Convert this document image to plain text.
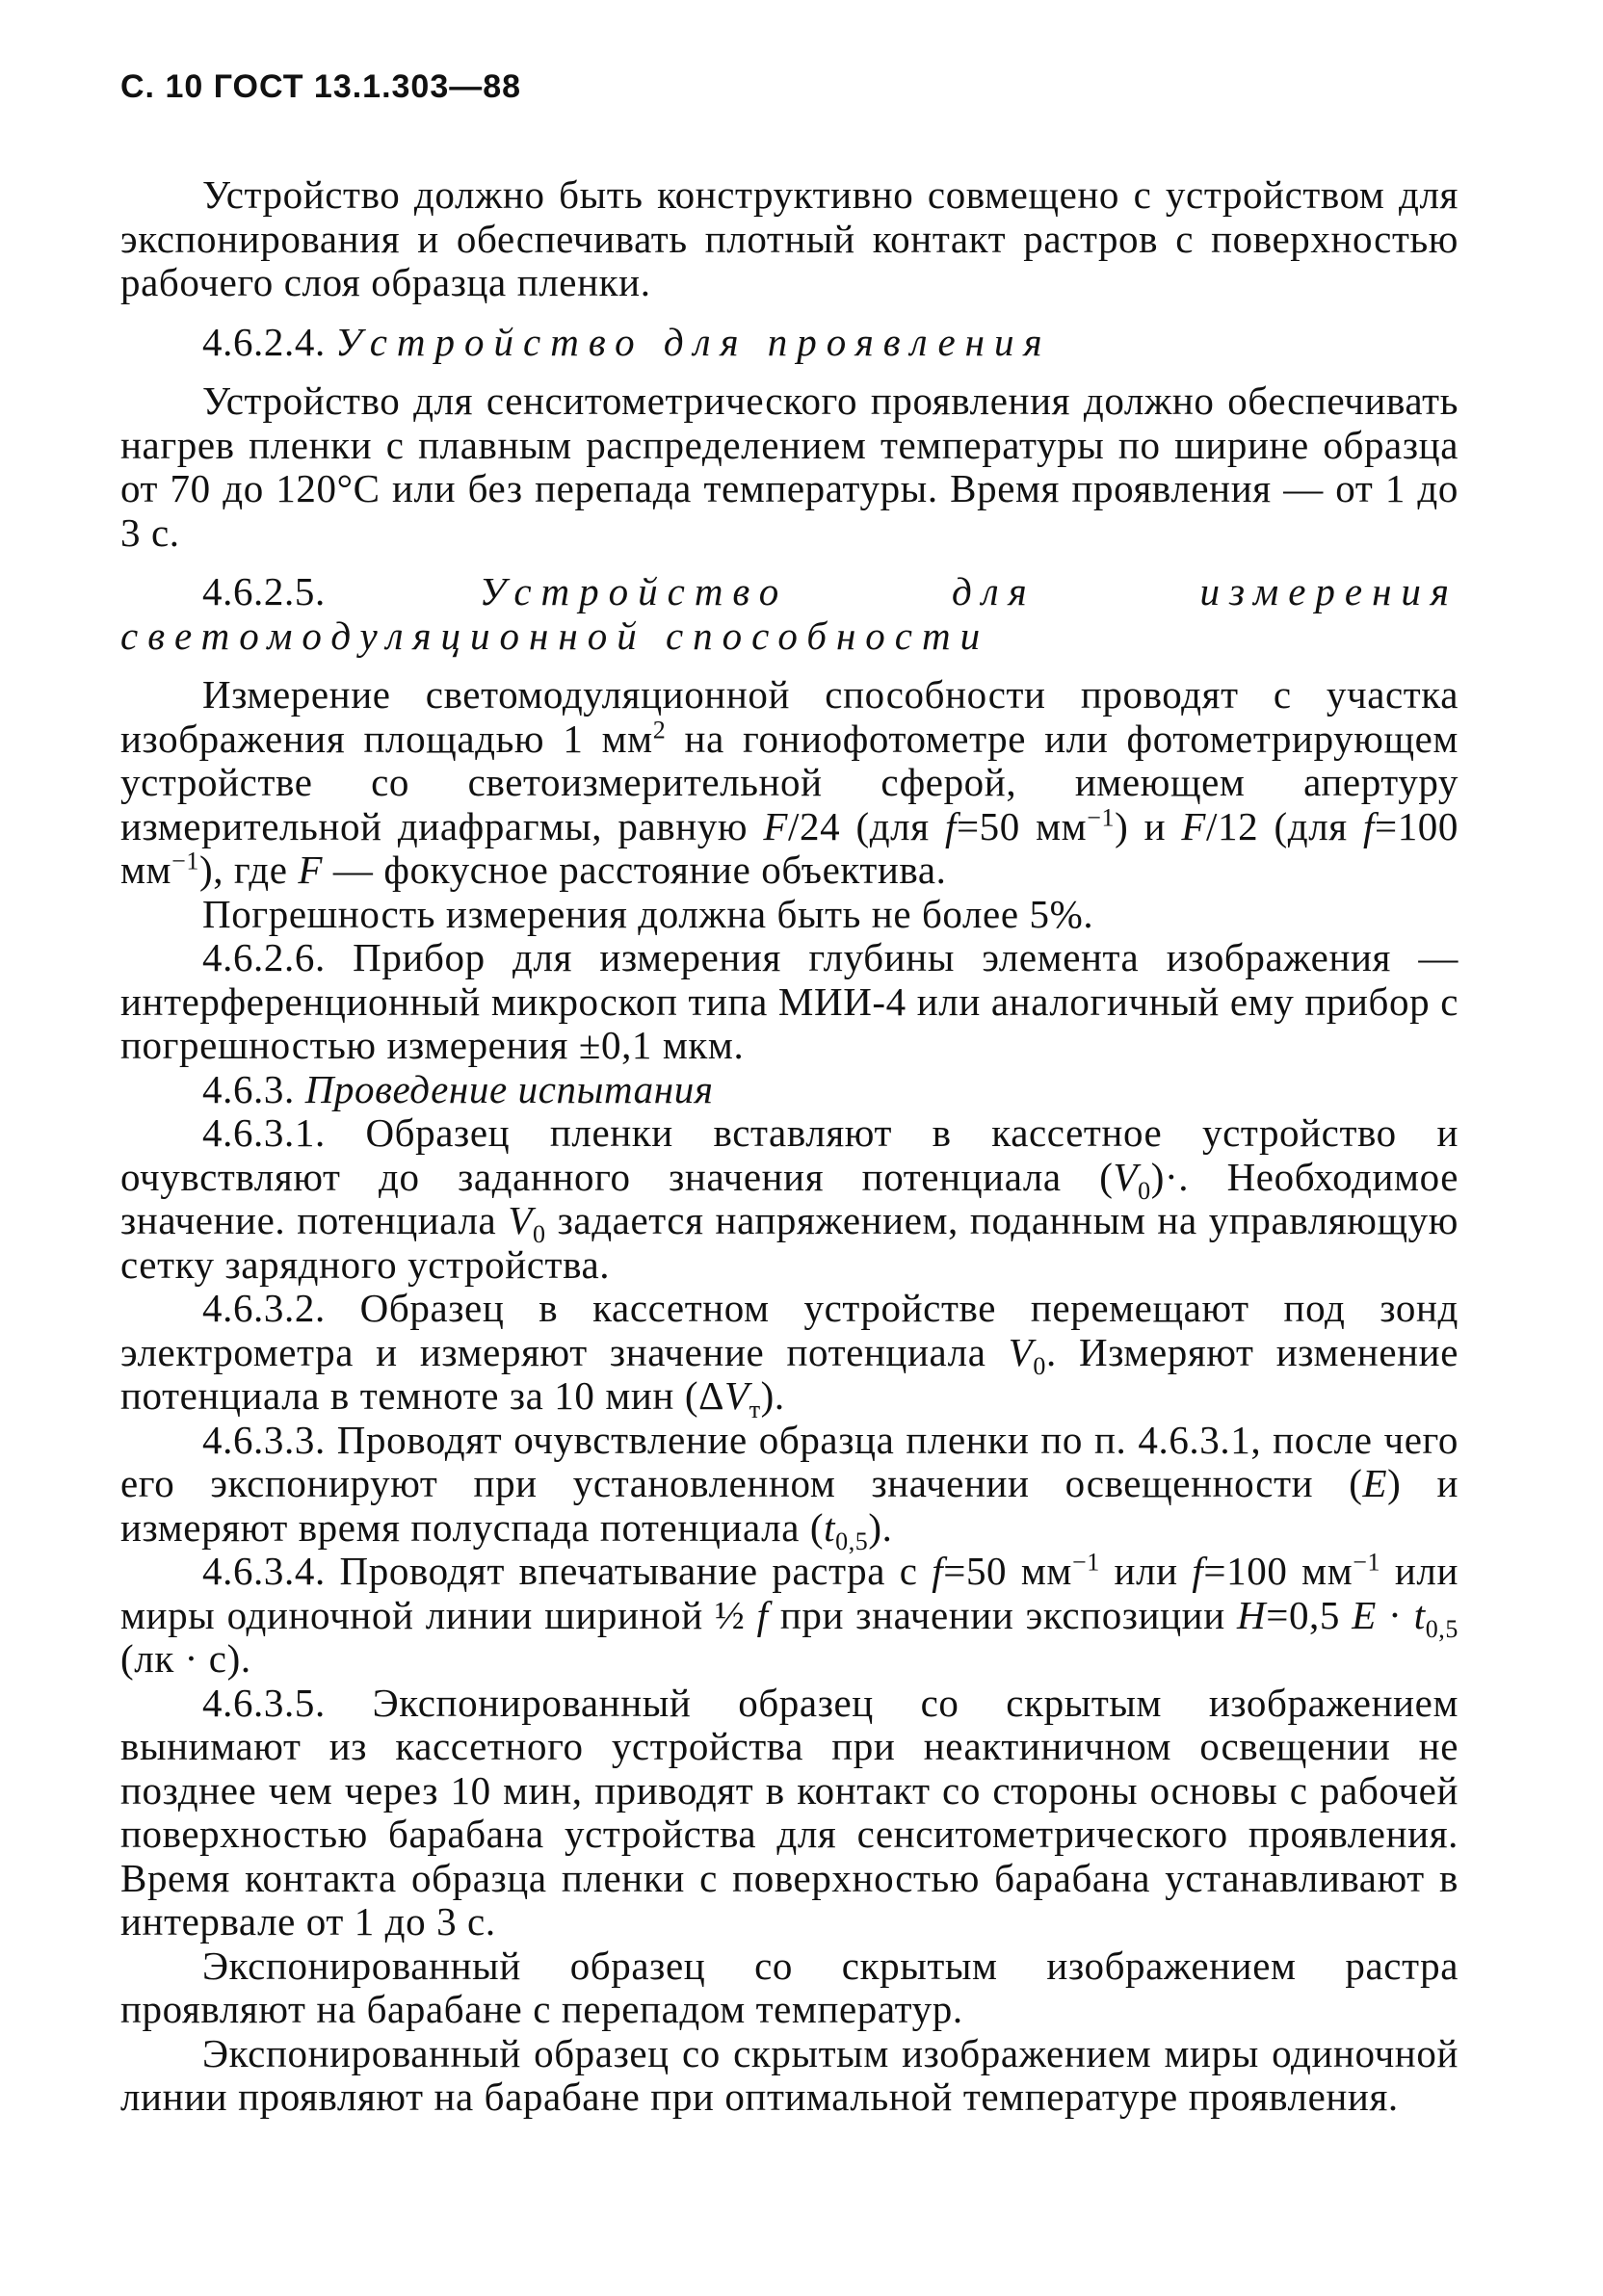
С. 10 ГОСТ 13.1.303—88

Устройство должно быть конструктивно совмещено с устройством для экспонирования и обеспечивать плотный контакт растров с поверхностью рабочего слоя образца пленки.

4.6.2.4. Устройство для проявления

Устройство для сенситометрического проявления должно обеспечивать нагрев пленки с плавным распределением температуры по ширине образца от 70 до 120°С или без перепада температуры. Время проявления — от 1 до 3 с.

4.6.2.5.	Устройство для измерения светомодуляционной способности

Измерение светомодуляционной способности проводят с участка изображения площадью 1 $мм^2$ на гониофотометре или фотометрирующем устройстве со светоизмерительной сферой, имеющем апертуру измерительной диафрагмы, равную F/24 (для f=50 $мм^{-1}$) и F/12 (для f=100 $мм^{-1}$), где F — фокусное расстояние объектива.

Погрешность измерения должна быть не более 5%.

4.6.2.6. Прибор для измерения глубины элемента изображения — интерференционный микроскоп типа МИИ-4 или аналогичный ему прибор с погрешностью измерения ±0,1 мкм.

4.6.3. Проведение испытания

4.6.3.1. Образец пленки вставляют в кассетное устройство и очувствляют до заданного значения потенциала $(V_0)\cdot$. Необходимое значение. потенциала $V_0$ задается напряжением, поданным на управляющую сетку зарядного устройства.

4.6.3.2. Образец в кассетном устройстве перемещают под зонд электрометра и измеряют значение потенциала $V_0$. Измеряют изменение потенциала в темноте за 10 мин $(\Delta V_т)$.

4.6.3.3. Проводят очувствление образца пленки по п. 4.6.3.1, после чего его экспонируют при установленном значении освещенности (E) и измеряют время полуспада потенциала $(t_{0,5})$.

4.6.3.4. Проводят впечатывание растра с f=50 $мм^{-1}$ или f=100 $мм^{-1}$ или миры одиночной линии шириной ½ f при значении экспозиции H=0,5 $E \cdot t_{0,5}$ (лк · с).

4.6.3.5. Экспонированный образец со скрытым изображением вынимают из кассетного устройства при неактиничном освещении не позднее чем через 10 мин, приводят в контакт со стороны основы с рабочей поверхностью барабана устройства для сенситометрического проявления. Время контакта образца пленки с поверхностью барабана устанавливают в интервале от 1 до 3 с.

Экспонированный образец со скрытым изображением растра проявляют на барабане с перепадом температур.

Экспонированный образец со скрытым изображением миры одиночной линии проявляют на барабане при оптимальной температуре проявления.
